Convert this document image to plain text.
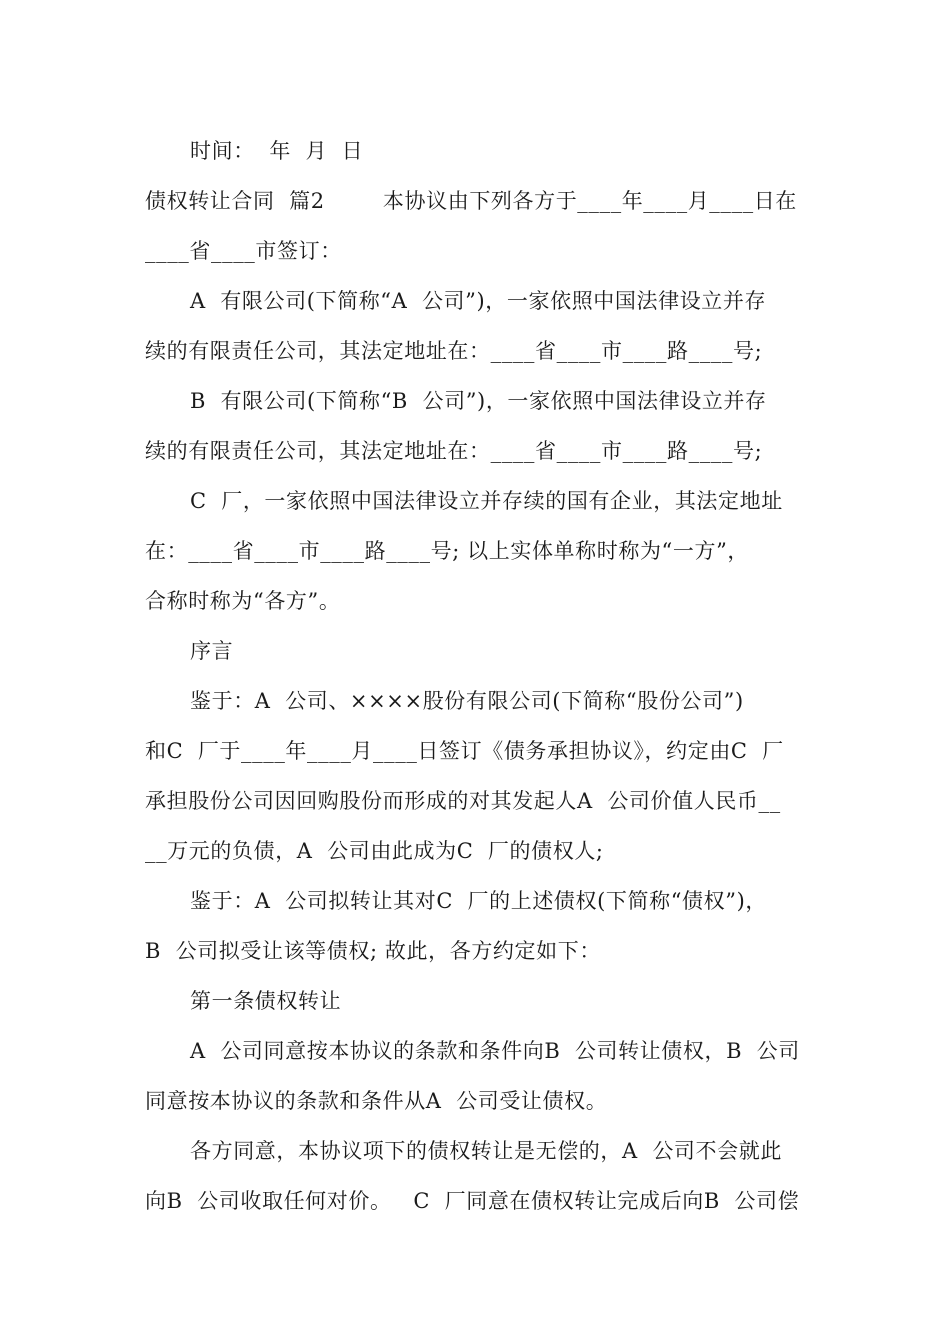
时间：  年  月  日
债权转让合同  篇2        本协议由下列各方于____年____月____日在
____省____市签订：
A  有限公司(下简称“A  公司”)，一家依照中国法律设立并存
续的有限责任公司，其法定地址在：____省____市____路____号;
B  有限公司(下简称“B  公司”)，一家依照中国法律设立并存
续的有限责任公司，其法定地址在：____省____市____路____号;
C  厂，一家依照中国法律设立并存续的国有企业，其法定地址
在：____省____市____路____号; 以上实体单称时称为“一方”，
合称时称为“各方”。
序言
鉴于：A  公司、××××股份有限公司(下简称“股份公司”)
和C  厂于____年____月____日签订《债务承担协议》，约定由C  厂
承担股份公司因回购股份而形成的对其发起人A  公司价值人民币__
__万元的负债，A  公司由此成为C  厂的债权人;
鉴于：A  公司拟转让其对C  厂的上述债权(下简称“债权”)，
B  公司拟受让该等债权; 故此，各方约定如下：
第一条债权转让
A  公司同意按本协议的条款和条件向B  公司转让债权，B  公司
同意按本协议的条款和条件从A  公司受让债权。
各方同意，本协议项下的债权转让是无偿的，A  公司不会就此
向B  公司收取任何对价。   C  厂同意在债权转让完成后向B  公司偿
